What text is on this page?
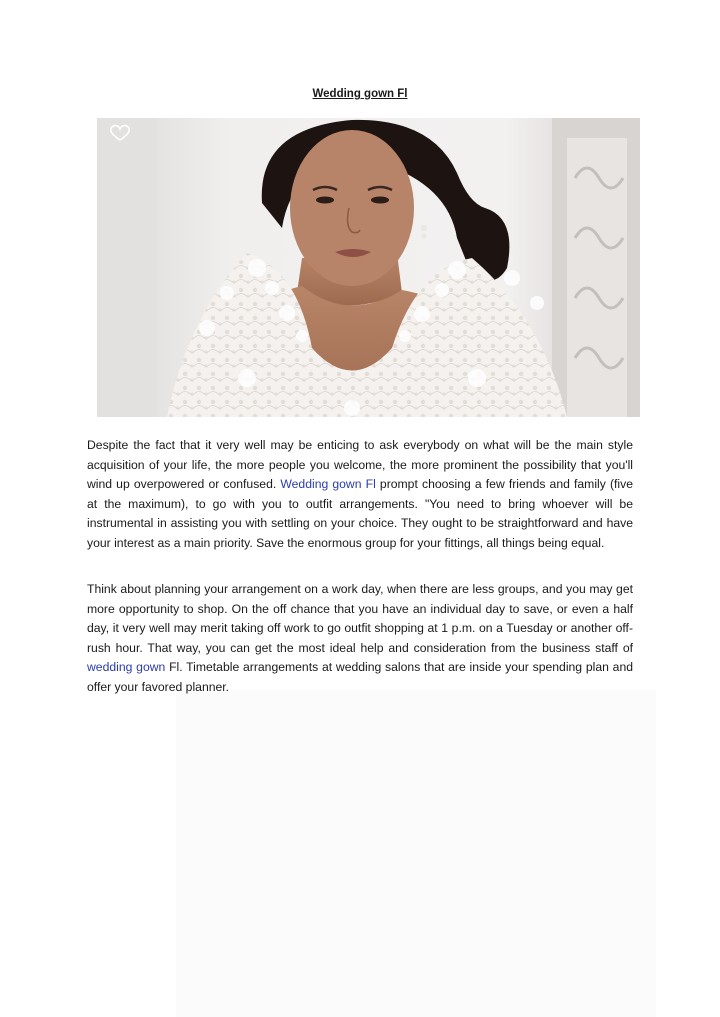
Wedding gown Fl

Despite the fact that it very well may be enticing to ask everybody on what will be the main style acquisition of your life, the more people you welcome, the more prominent the possibility that you'll wind up overpowered or confused. Wedding gown Fl prompt choosing a few friends and family (five at the maximum), to go with you to outfit arrangements. "You need to bring whoever will be instrumental in assisting you with settling on your choice. They ought to be straightforward and have your interest as a main priority. Save the enormous group for your fittings, all things being equal.

Think about planning your arrangement on a work day, when there are less groups, and you may get more opportunity to shop. On the off chance that you have an individual day to save, or even a half day, it very well may merit taking off work to go outfit shopping at 1 p.m. on a Tuesday or another off-rush hour. That way, you can get the most ideal help and consideration from the business staff of wedding gown Fl. Timetable arrangements at wedding salons that are inside your spending plan and offer your favored planner.
